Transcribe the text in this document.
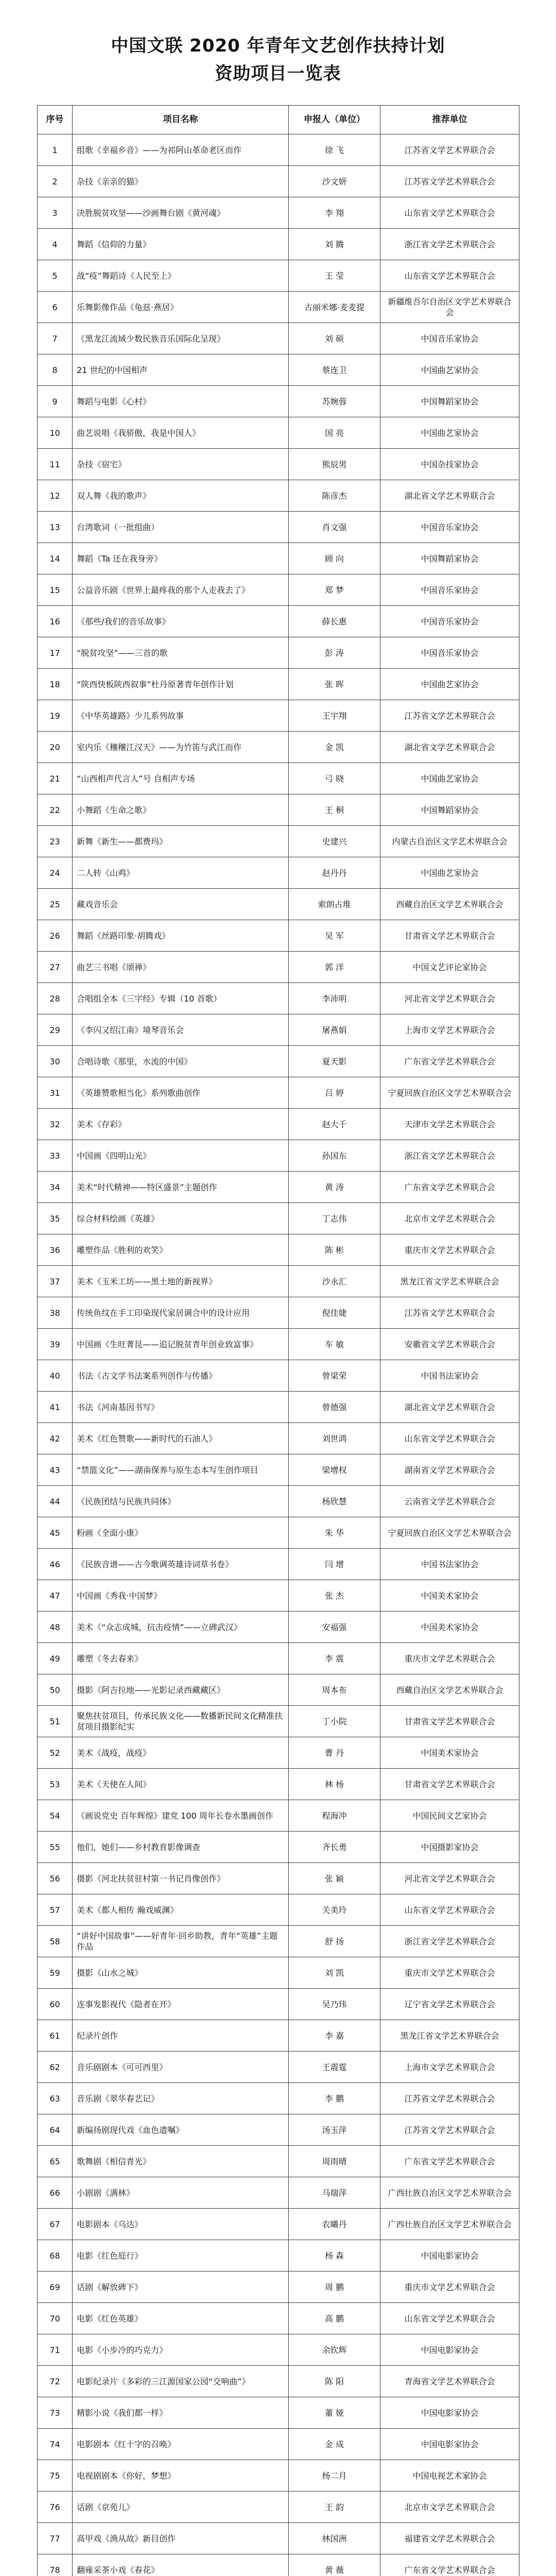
中国文联 2020 年青年文艺创作扶持计划
资助项目一览表
序号	项目名称	申报人（单位）	推荐单位
1	组歌《幸福乡音》——为祁阿山革命老区而作	徐 飞	江苏省文学艺术界联合会
2	杂技《亲亲的猫》	沙文妍	江苏省文学艺术界联合会
3	决胜脱贫攻坚——沙画舞台剧《黄河魂》	李 翔	山东省文学艺术界联合会
4	舞蹈《信仰的力量》	刘 腾	浙江省文学艺术界联合会
5	战“疫”舞蹈诗《人民至上》	王 莹	山东省文学艺术界联合会
6	乐舞影像作品《龟兹·燕居》	古丽米娜·麦麦提	新疆维吾尔自治区文学艺术界联合会
7	《黑龙江流域少数民族音乐国际化呈现》	刘 硕	中国音乐家协会
8	21 世纪的中国相声	蔡连卫	中国曲艺家协会
9	舞蹈与电影《心村》	苏婉蓉	中国舞蹈家协会
10	曲艺说唱《我骄傲，我是中国人》	国 亮	中国曲艺家协会
11	杂技《宿宅》	熊辰男	中国杂技家协会
12	双人舞《我的歌声》	陈彦杰	湖北省文学艺术界联合会
13	台湾歌词（一批组曲）	肖文强	中国音乐家协会
14	舞蹈《Ta 还在我身旁》	顾 向	中国舞蹈家协会
15	公益音乐剧《世界上最疼我的那个人走我去了》	郑 梦	中国音乐家协会
16	《那些/我们的音乐故事》	薛长惠	中国音乐家协会
17	“脱贫攻坚”——三首的歌	彭 涛	中国音乐家协会
18	“陕西快板陕西叙事”杜丹原著青年创作计划	张 晖	中国曲艺家协会
19	《中华英雄路》少儿系列故事	王宇翔	江苏省文学艺术界联合会
20	室内乐《穰穰江汉天》——为竹笛与武江而作	金 凯	湖北省文学艺术界联合会
21	“山西相声代言人”号 自相声专场	弓 晓	中国曲艺家协会
22	小舞蹈《生命之歌》	王 桐	中国舞蹈家协会
23	新舞《新生——都费玛》	史建兴	内蒙古自治区文学艺术界联合会
24	二人转《山鸡》	赵丹丹	中国曲艺家协会
25	藏戏音乐会	索朗占堆	西藏自治区文学艺术界联合会
26	舞蹈《丝路印象·胡腾戏》	吴 军	甘肃省文学艺术界联合会
27	曲艺三书唱《颂禅》	郭 洋	中国文艺评论家协会
28	合唱组全本《三字经》专辑（10 首歌）	李沛明	河北省文学艺术界联合会
29	《李闪又绍江南》境琴音乐会	屠燕娟	上海市文学艺术界联合会
30	合唱诗歌《那里，水流的中国》	夏天影	广东省文学艺术界联合会
31	《英雄赞歌相当化》系列歌曲创作	吕 婷	宁夏回族自治区文学艺术界联合会
32	美术《存彩》	赵大千	天津市文学艺术界联合会
33	中国画《四明山光》	孙国东	浙江省文学艺术界联合会
34	美术“时代精神——特区盛景”主题创作	黄 涛	广东省文学艺术界联合会
35	综合材料绘画《英雄》	丁志伟	北京市文学艺术界联合会
36	雕塑作品《胜利的欢笑》	陈 彬	重庆市文学艺术界联合会
37	美术《玉米工坊——黑土地的新视界》	沙永汇	黑龙江省文学艺术界联合会
38	传统鱼纹在手工印染现代家居调合中的设计应用	倪佳婕	江苏省文学艺术界联合会
39	中国画《生旺菁昆——追记脱贫青年创业致富事》	车 敏	安徽省文学艺术界联合会
40	书法《古文学书法案系列创作与传播》	曾梁荣	中国书法家协会
41	书法《河南基因书写》	曾德强	湖北省文学艺术界联合会
42	美术《红色赞歌——新时代的石油人》	刘世鸿	山东省文学艺术界联合会
43	“禁篮文化”——湖南保养与原生态本写生创作项目	梁增权	湖南省文学艺术界联合会
44	《民族团结与民族共同体》	杨欣慧	云南省文学艺术界联合会
45	粉画《全面小康》	朱 华	宁夏回族自治区文学艺术界联合会
46	《民族音谱——古今歌调英雄诗词草书卷》	闫 增	中国书法家协会
47	中国画《秀我·中国梦》	张 杰	中国美术家协会
48	美术《“众志成城，抗击疫情”——立碑武汉》	安福强	中国美术家协会
49	雕塑《冬去春来》	李 震	重庆市文学艺术界联合会
50	摄影《阿吉拉地——光影记录西藏藏区》	周本布	西藏自治区文学艺术界联合会
51	聚焦扶贫项目，传承民族文化——数播新民间文化精准扶贫项目摄影纪实	丁小院	甘肃省文学艺术界联合会
52	美术《战疫，战疫》	曹 丹	中国美术家协会
53	美术《天使在人间》	林 杨	甘肃省文学艺术界联合会
54	《画说党史 百年辉煌》建党 100 周年长卷水墨画创作	程海冲	中国民间文艺家协会
55	他们，她们——乡村教育影像调查	齐长勇	中国摄影家协会
56	摄影《河北扶贫驻村第一书记肖像创作》	张 颖	河北省文学艺术界联合会
57	美术《都人相传 瀚戏威渊》	关美玲	山东省文学艺术界联合会
58	“讲好中国故事”——好青年·回乡助教，青年“英雄”主题作品	舒 扬	浙江省文学艺术界联合会
59	摄影《山水之城》	刘 凯	重庆市文学艺术界联合会
60	连事发影视代《隐者在开》	吴乃玮	辽宁省文学艺术界联合会
61	纪录片创作	李 嘉	黑龙江省文学艺术界联合会
62	音乐剧剧本《可可西里》	王震霆	上海市文学艺术界联合会
63	音乐剧《翠华春艺记》	李 鹏	江苏省文学艺术界联合会
64	新编扬剧现代戏《血色遗嘱》	汤玉萍	江苏省文学艺术界联合会
65	歌舞剧《相信青光》	周雨晴	广东省文学艺术界联合会
66	小剧剧《满林》	马瑞萍	广西壮族自治区文学艺术界联合会
67	电影剧本《乌达》	农曦丹	广西壮族自治区文学艺术界联合会
68	电影《红色庭行》	杨 森	中国电影家协会
69	话剧《解放碑下》	周 鹏	重庆市文学艺术界联合会
70	电影《红色英雄》	高 鹏	山东省文学艺术界联合会
71	电影《小步冷的巧克力》	余钦辉	中国电影家协会
72	电影纪录片《多彩的三江源国家公园“交响曲”》	陈 阳	青海省文学艺术界联合会
73	精影小说《我们都一样》	董 娅	中国电影家协会
74	电影剧本《红十字的召唤》	金 成	中国电影家协会
75	电视剧剧本《你好，梦想》	杨二月	中国电视艺术家协会
76	话剧《京苑儿》	王 韵	北京市文学艺术界联合会
77	高甲戏《渔从故》新目创作	林国洲	福建省文学艺术界联合会
78	翻雍采茶小戏《春花》	黄 薇	广东省文学艺术界联合会
